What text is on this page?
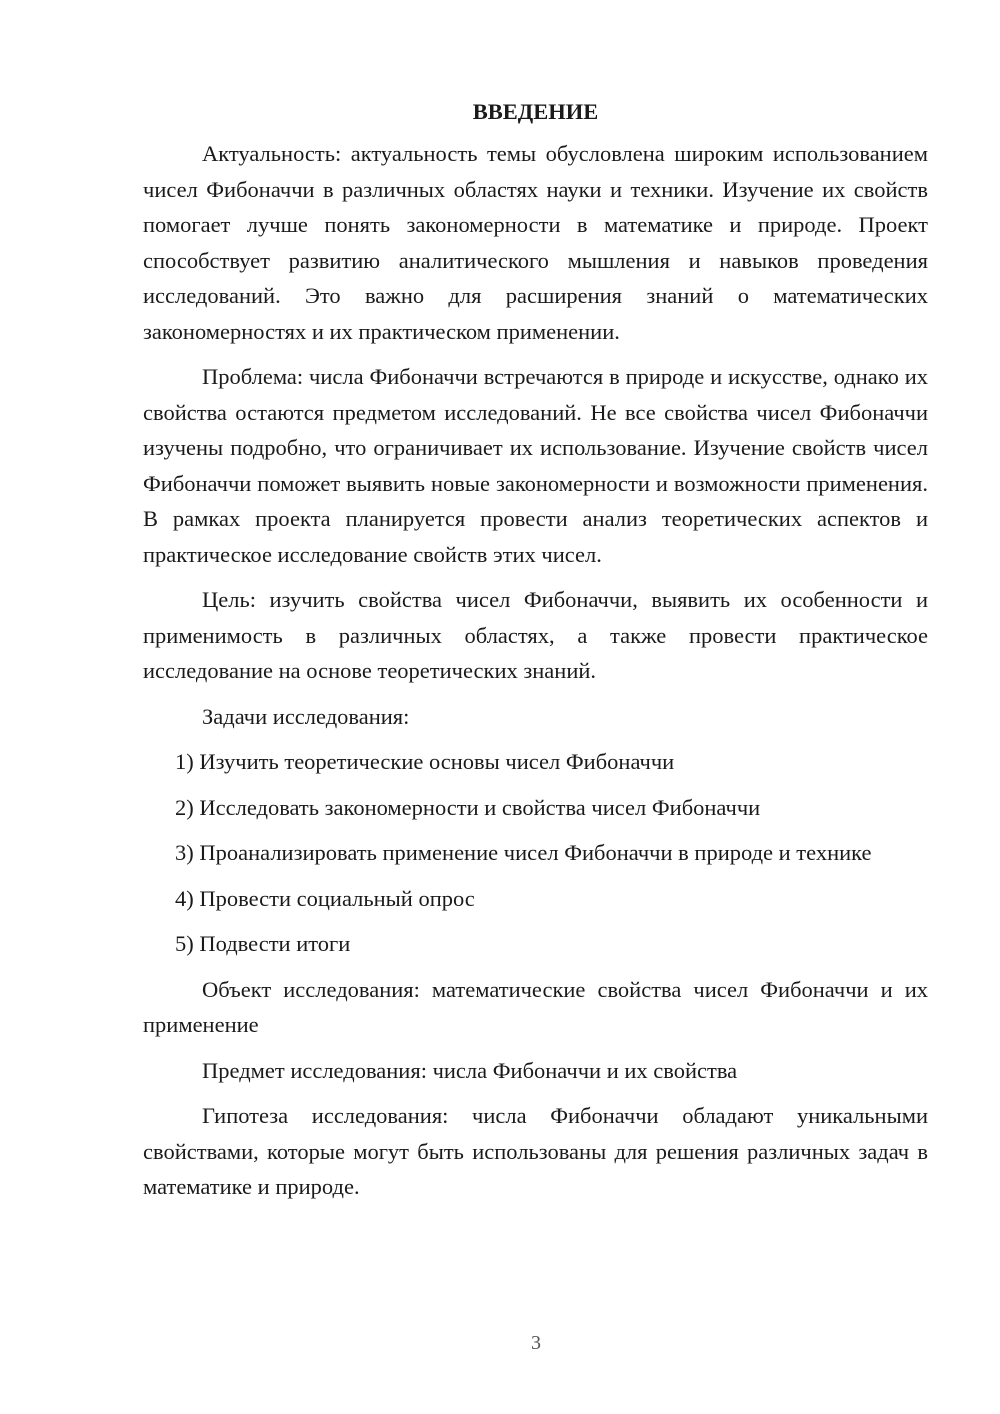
ВВЕДЕНИЕ

Актуальность: актуальность темы обусловлена широким использованием чисел Фибоначчи в различных областях науки и техники. Изучение их свойств помогает лучше понять закономерности в математике и природе. Проект способствует развитию аналитического мышления и навыков проведения исследований. Это важно для расширения знаний о математических закономерностях и их практическом применении.

Проблема: числа Фибоначчи встречаются в природе и искусстве, однако их свойства остаются предметом исследований. Не все свойства чисел Фибоначчи изучены подробно, что ограничивает их использование. Изучение свойств чисел Фибоначчи поможет выявить новые закономерности и возможности применения. В рамках проекта планируется провести анализ теоретических аспектов и практическое исследование свойств этих чисел.

Цель: изучить свойства чисел Фибоначчи, выявить их особенности и применимость в различных областях, а также провести практическое исследование на основе теоретических знаний.

Задачи исследования:

1) Изучить теоретические основы чисел Фибоначчи

2) Исследовать закономерности и свойства чисел Фибоначчи

3) Проанализировать применение чисел Фибоначчи в природе и технике

4) Провести социальный опрос

5) Подвести итоги

Объект исследования: математические свойства чисел Фибоначчи и их применение

Предмет исследования: числа Фибоначчи и их свойства

Гипотеза исследования: числа Фибоначчи обладают уникальными свойствами, которые могут быть использованы для решения различных задач в математике и природе.

3
